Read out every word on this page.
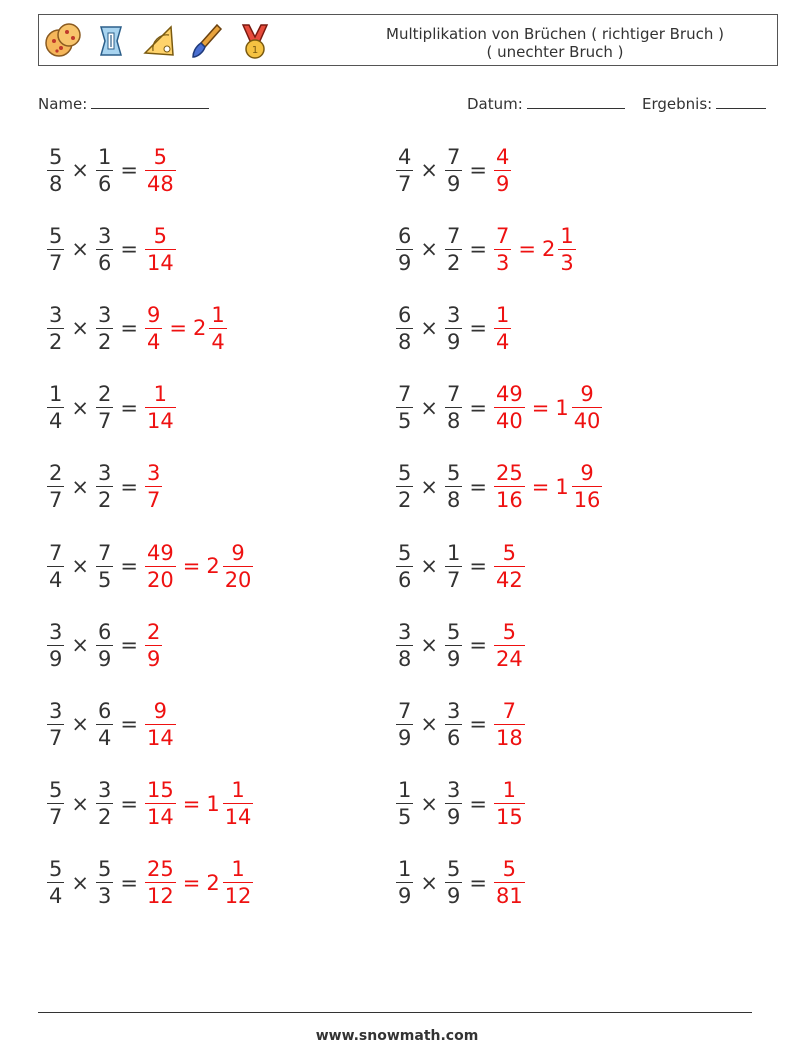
1
Multiplikation von Brüchen ( richtiger Bruch )
( unechter Bruch )
Name:	Datum:	Ergebnis:
$\frac{5}{8} \times \frac{1}{6} = \frac{5}{48}$	$\frac{4}{7} \times \frac{7}{9} = \frac{4}{9}$
$\frac{5}{7} \times \frac{3}{6} = \frac{5}{14}$	$\frac{6}{9} \times \frac{7}{2} = \frac{7}{3} = 2 \frac{1}{3}$
$\frac{3}{2} \times \frac{3}{2} = \frac{9}{4} = 2 \frac{1}{4}$	$\frac{6}{8} \times \frac{3}{9} = \frac{1}{4}$
$\frac{1}{4} \times \frac{2}{7} = \frac{1}{14}$	$\frac{7}{5} \times \frac{7}{8} = \frac{49}{40} = 1 \frac{9}{40}$
$\frac{2}{7} \times \frac{3}{2} = \frac{3}{7}$	$\frac{5}{2} \times \frac{5}{8} = \frac{25}{16} = 1 \frac{9}{16}$
$\frac{7}{4} \times \frac{7}{5} = \frac{49}{20} = 2 \frac{9}{20}$	$\frac{5}{6} \times \frac{1}{7} = \frac{5}{42}$
$\frac{3}{9} \times \frac{6}{9} = \frac{2}{9}$	$\frac{3}{8} \times \frac{5}{9} = \frac{5}{24}$
$\frac{3}{7} \times \frac{6}{4} = \frac{9}{14}$	$\frac{7}{9} \times \frac{3}{6} = \frac{7}{18}$
$\frac{5}{7} \times \frac{3}{2} = \frac{15}{14} = 1 \frac{1}{14}$	$\frac{1}{5} \times \frac{3}{9} = \frac{1}{15}$
$\frac{5}{4} \times \frac{5}{3} = \frac{25}{12} = 2 \frac{1}{12}$	$\frac{1}{9} \times \frac{5}{9} = \frac{5}{81}$
www.snowmath.com
